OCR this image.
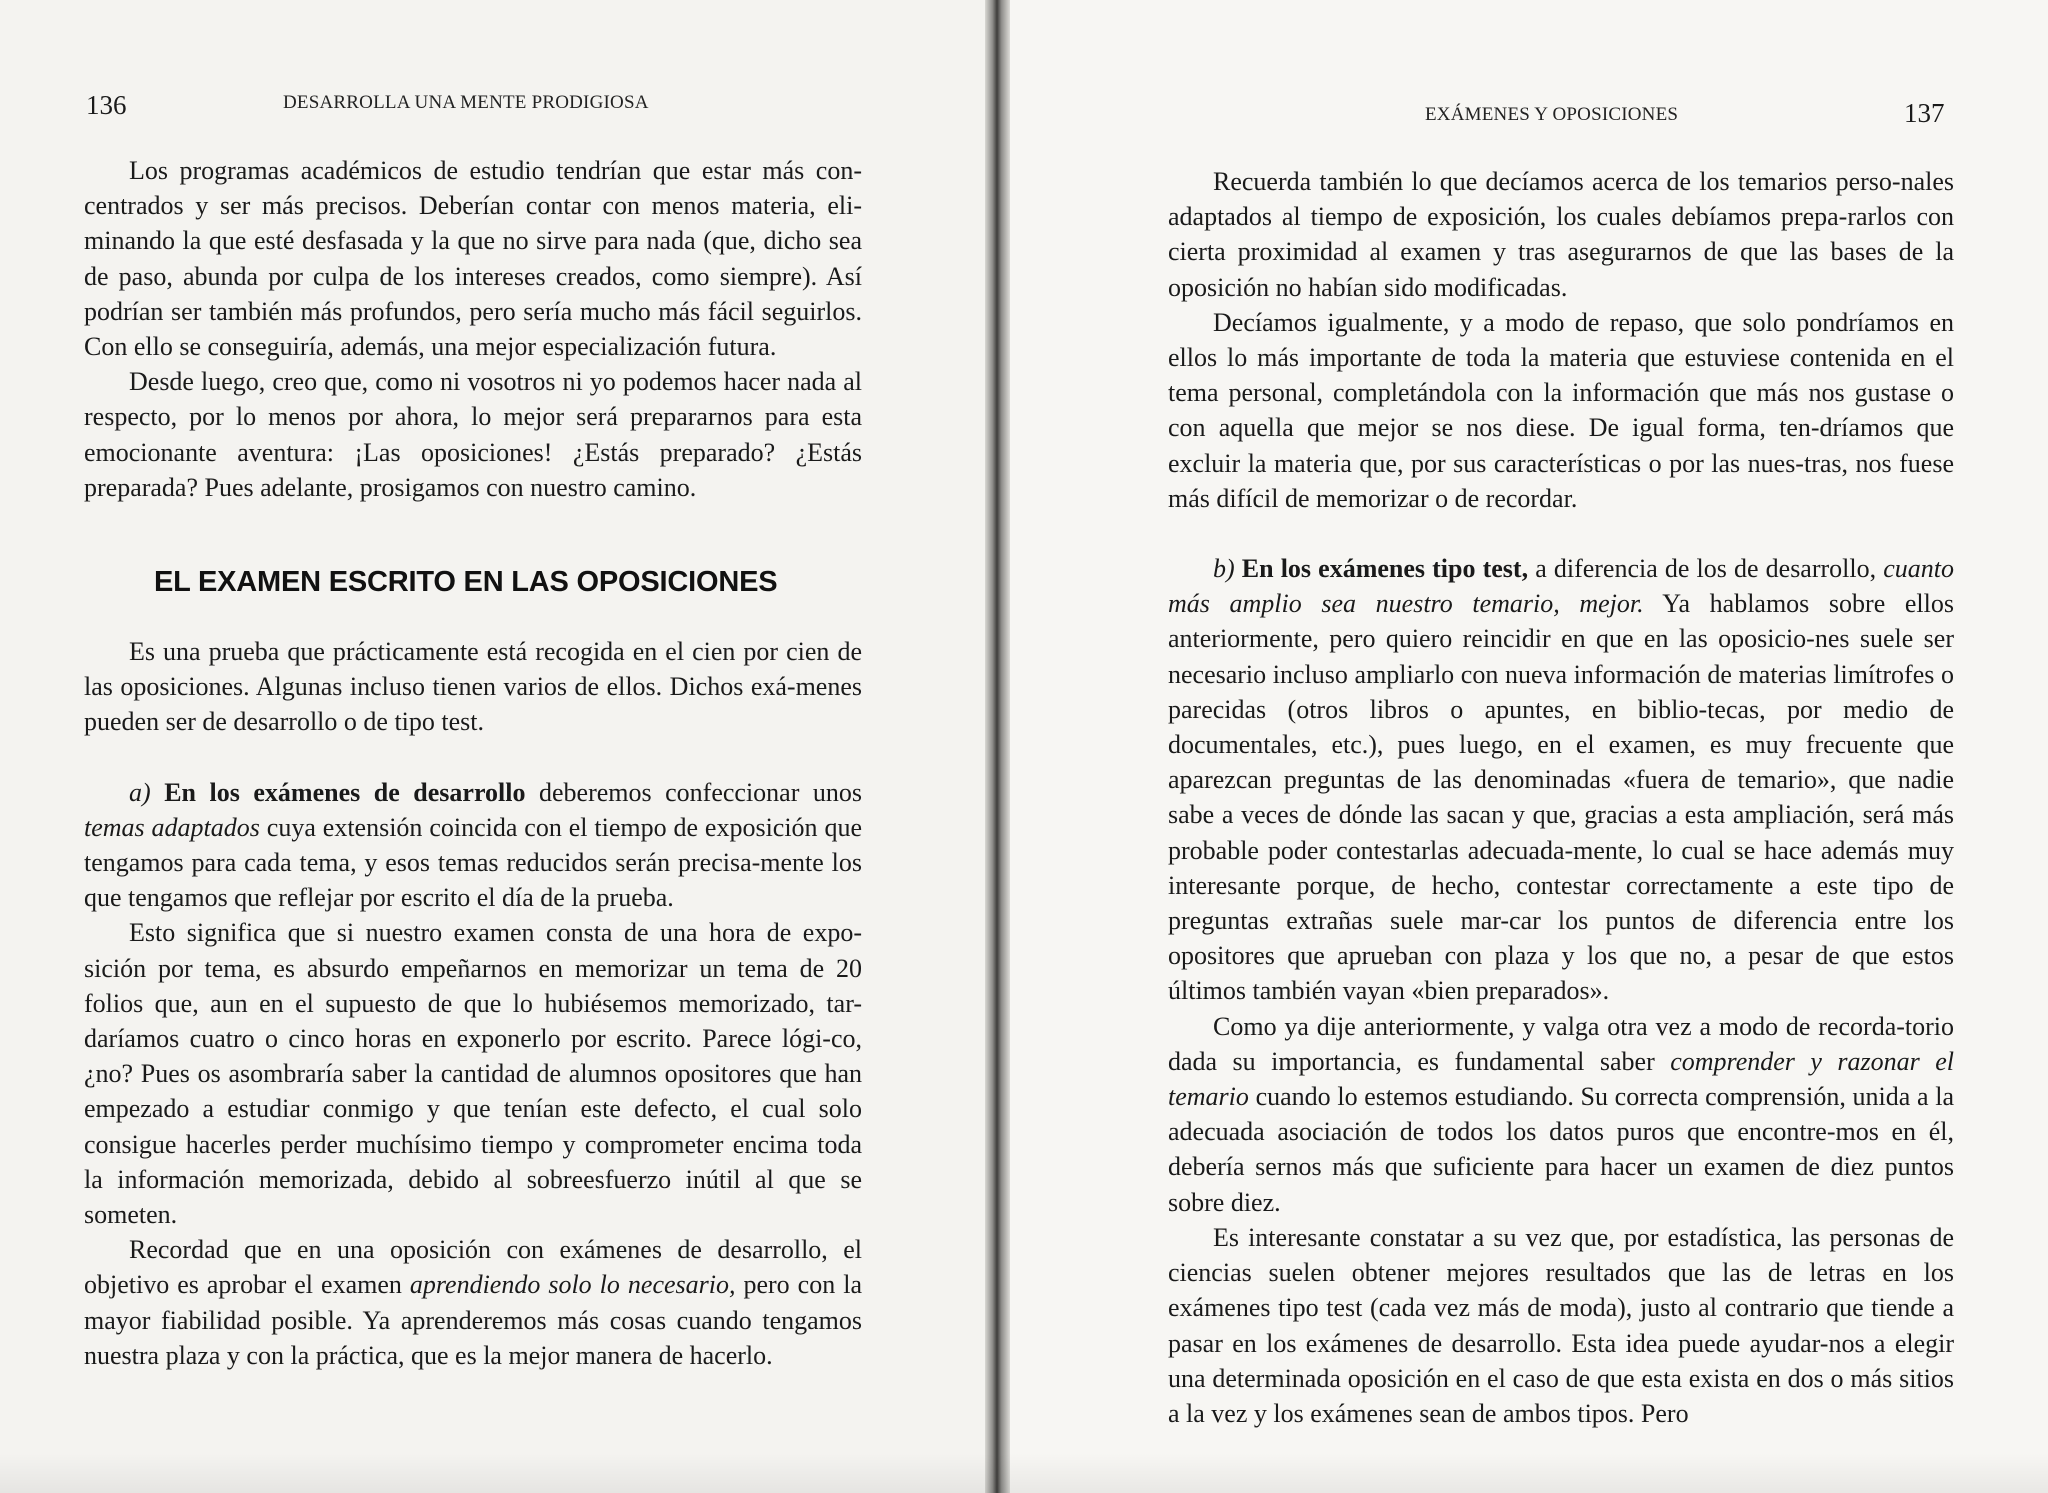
136	DESARROLLA UNA MENTE PRODIGIOSA

Los programas académicos de estudio tendrían que estar más con-centrados y ser más precisos. Deberían contar con menos materia, eli-minando la que esté desfasada y la que no sirve para nada (que, dicho sea de paso, abunda por culpa de los intereses creados, como siempre). Así podrían ser también más profundos, pero sería mucho más fácil seguirlos. Con ello se conseguiría, además, una mejor especialización futura.

Desde luego, creo que, como ni vosotros ni yo podemos hacer nada al respecto, por lo menos por ahora, lo mejor será prepararnos para esta emocionante aventura: ¡Las oposiciones! ¿Estás preparado? ¿Estás preparada? Pues adelante, prosigamos con nuestro camino.

EL EXAMEN ESCRITO EN LAS OPOSICIONES

Es una prueba que prácticamente está recogida en el cien por cien de las oposiciones. Algunas incluso tienen varios de ellos. Dichos exá-menes pueden ser de desarrollo o de tipo test.

a) En los exámenes de desarrollo deberemos confeccionar unos temas adaptados cuya extensión coincida con el tiempo de exposición que tengamos para cada tema, y esos temas reducidos serán precisa-mente los que tengamos que reflejar por escrito el día de la prueba.

Esto significa que si nuestro examen consta de una hora de expo-sición por tema, es absurdo empeñarnos en memorizar un tema de 20 folios que, aun en el supuesto de que lo hubiésemos memorizado, tar-daríamos cuatro o cinco horas en exponerlo por escrito. Parece lógi-co, ¿no? Pues os asombraría saber la cantidad de alumnos opositores que han empezado a estudiar conmigo y que tenían este defecto, el cual solo consigue hacerles perder muchísimo tiempo y comprometer encima toda la información memorizada, debido al sobreesfuerzo inútil al que se someten.

Recordad que en una oposición con exámenes de desarrollo, el objetivo es aprobar el examen aprendiendo solo lo necesario, pero con la mayor fiabilidad posible. Ya aprenderemos más cosas cuando tengamos nuestra plaza y con la práctica, que es la mejor manera de hacerlo.

EXÁMENES Y OPOSICIONES	137

Recuerda también lo que decíamos acerca de los temarios perso-nales adaptados al tiempo de exposición, los cuales debíamos prepa-rarlos con cierta proximidad al examen y tras asegurarnos de que las bases de la oposición no habían sido modificadas.

Decíamos igualmente, y a modo de repaso, que solo pondríamos en ellos lo más importante de toda la materia que estuviese contenida en el tema personal, completándola con la información que más nos gustase o con aquella que mejor se nos diese. De igual forma, ten-dríamos que excluir la materia que, por sus características o por las nues-tras, nos fuese más difícil de memorizar o de recordar.

b) En los exámenes tipo test, a diferencia de los de desarrollo, cuanto más amplio sea nuestro temario, mejor. Ya hablamos sobre ellos anteriormente, pero quiero reincidir en que en las oposicio-nes suele ser necesario incluso ampliarlo con nueva información de materias limítrofes o parecidas (otros libros o apuntes, en biblio-tecas, por medio de documentales, etc.), pues luego, en el examen, es muy frecuente que aparezcan preguntas de las denominadas «fuera de temario», que nadie sabe a veces de dónde las sacan y que, gracias a esta ampliación, será más probable poder contestarlas adecuada-mente, lo cual se hace además muy interesante porque, de hecho, contestar correctamente a este tipo de preguntas extrañas suele mar-car los puntos de diferencia entre los opositores que aprueban con plaza y los que no, a pesar de que estos últimos también vayan «bien preparados».

Como ya dije anteriormente, y valga otra vez a modo de recorda-torio dada su importancia, es fundamental saber comprender y razonar el temario cuando lo estemos estudiando. Su correcta comprensión, unida a la adecuada asociación de todos los datos puros que encontre-mos en él, debería sernos más que suficiente para hacer un examen de diez puntos sobre diez.

Es interesante constatar a su vez que, por estadística, las personas de ciencias suelen obtener mejores resultados que las de letras en los exámenes tipo test (cada vez más de moda), justo al contrario que tiende a pasar en los exámenes de desarrollo. Esta idea puede ayudar-nos a elegir una determinada oposición en el caso de que esta exista en dos o más sitios a la vez y los exámenes sean de ambos tipos. Pero
